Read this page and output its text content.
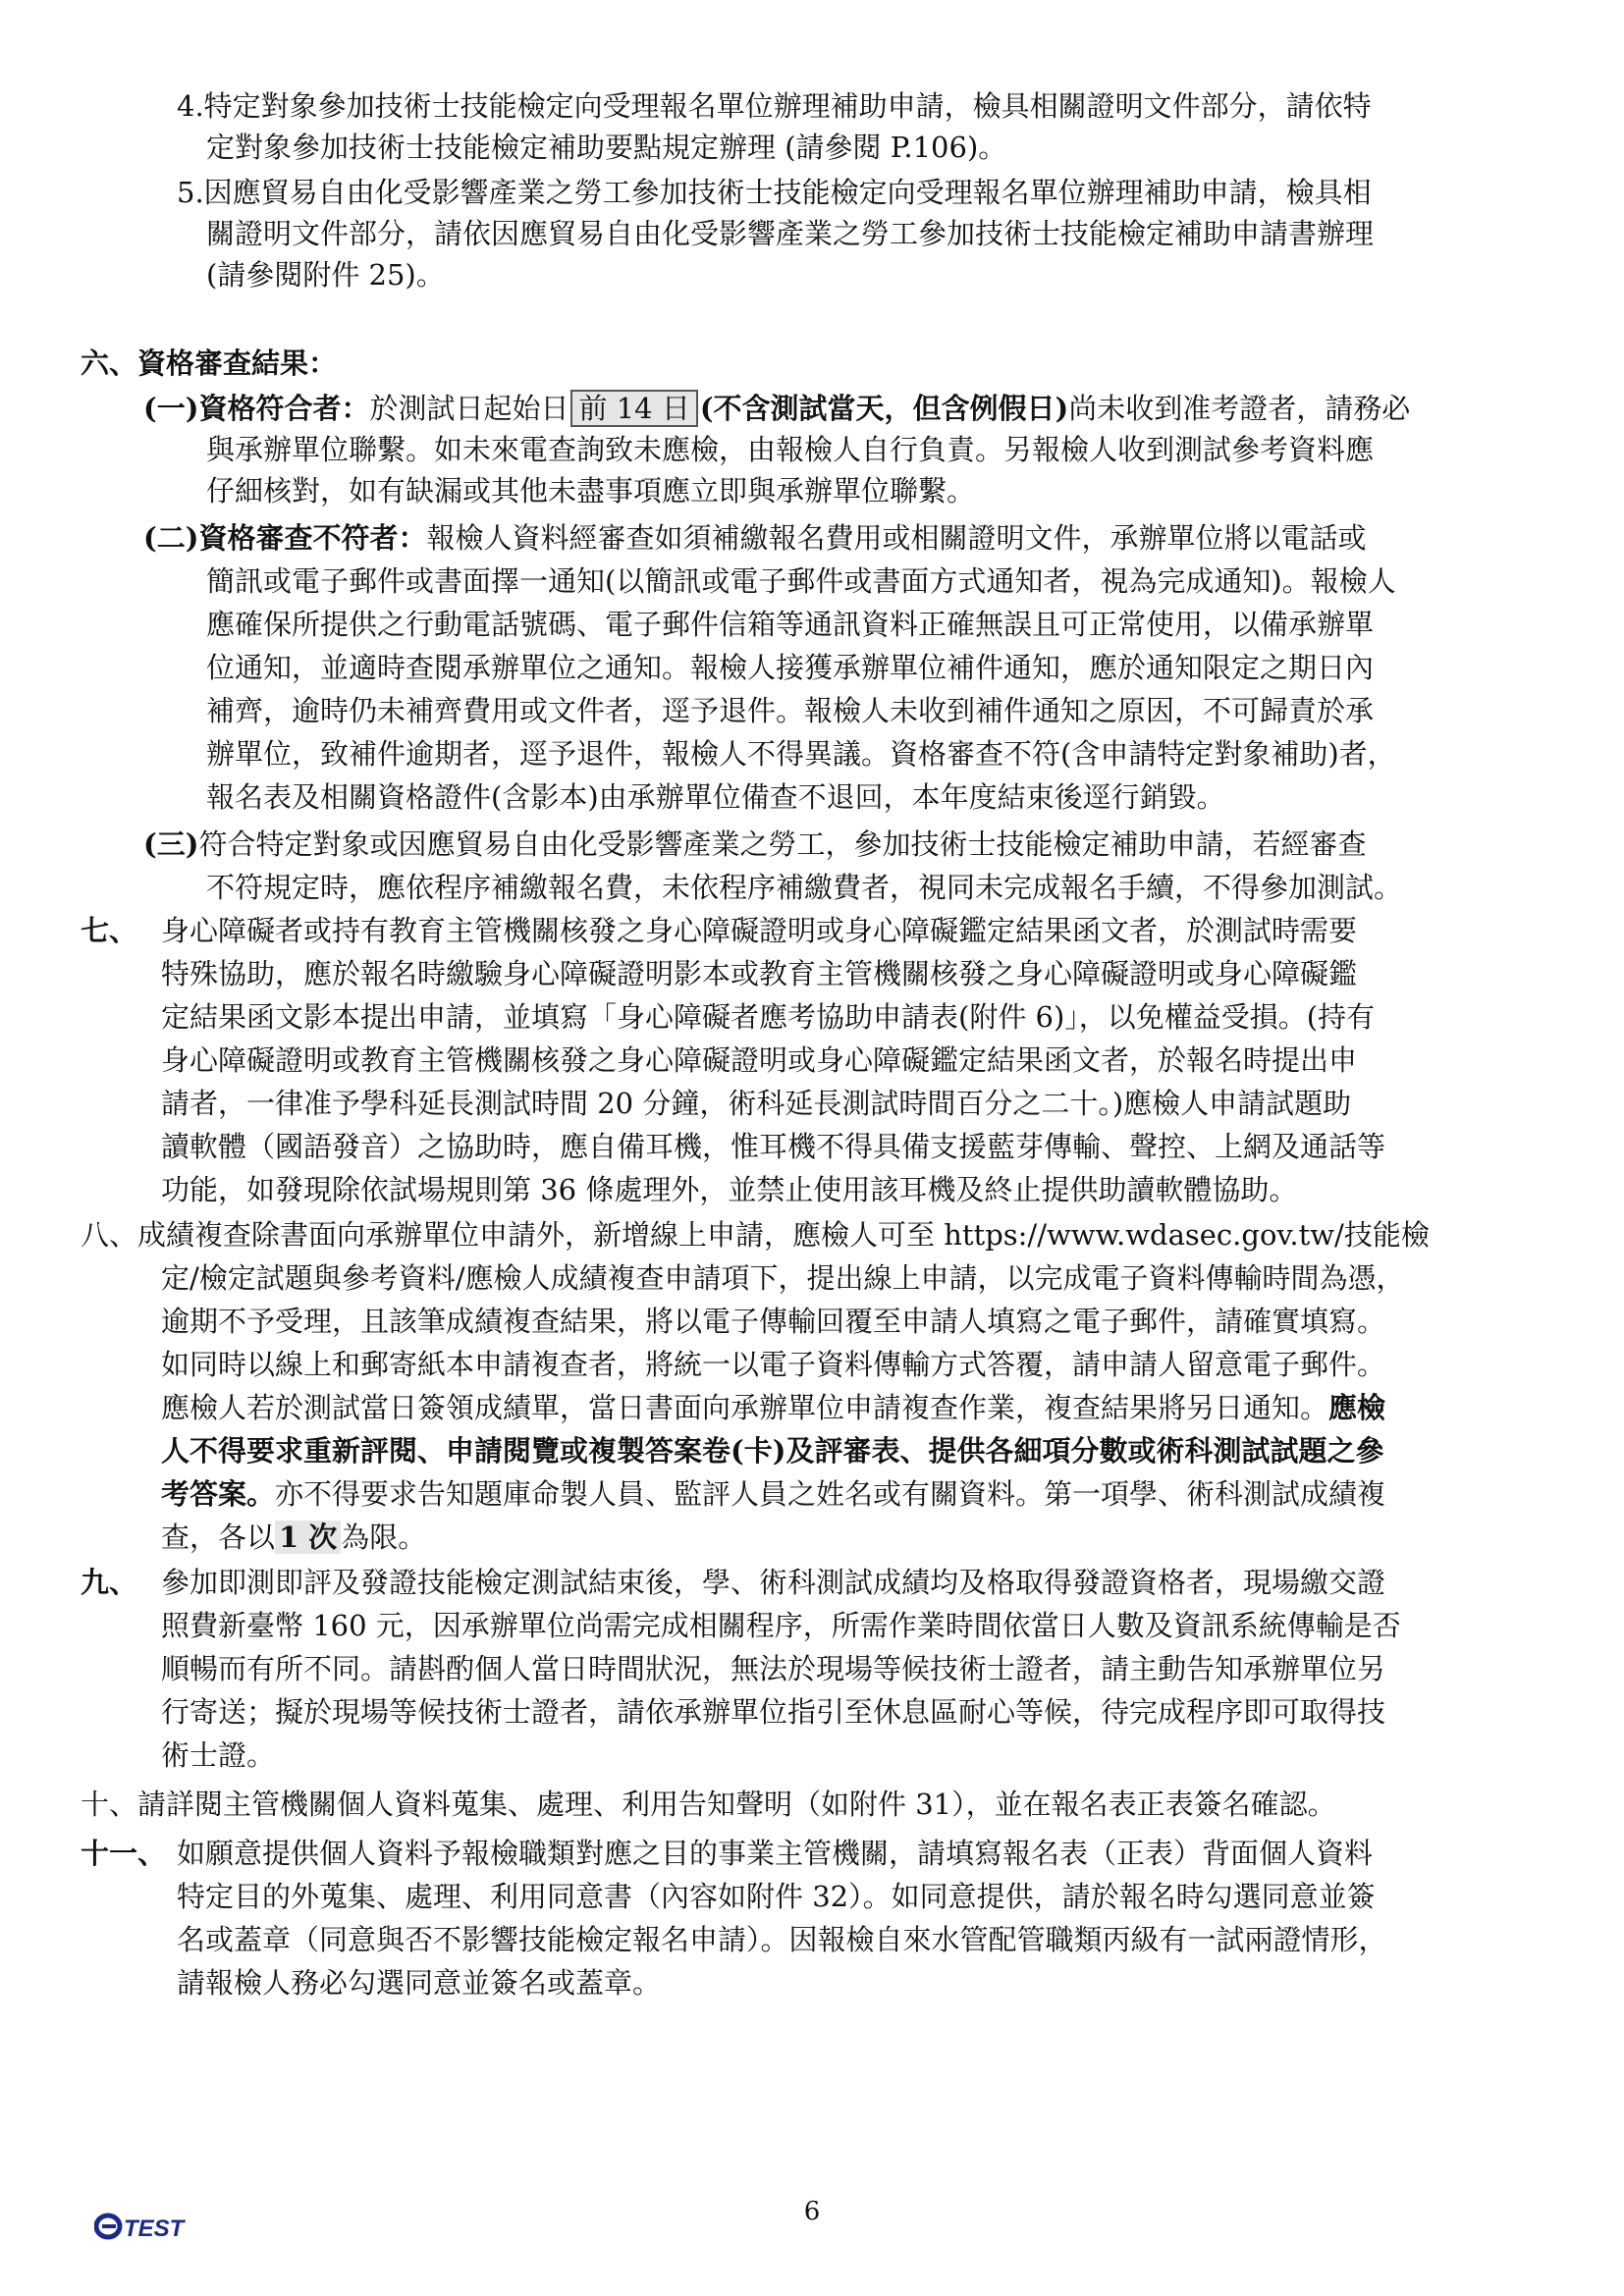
4.特定對象參加技術士技能檢定向受理報名單位辦理補助申請，檢具相關證明文件部分，請依特
定對象參加技術士技能檢定補助要點規定辦理 (請參閱 P.106)。
5.因應貿易自由化受影響產業之勞工參加技術士技能檢定向受理報名單位辦理補助申請，檢具相
關證明文件部分，請依因應貿易自由化受影響產業之勞工參加技術士技能檢定補助申請書辦理
(請參閱附件 25)。
六、資格審查結果：
(一)資格符合者：於測試日起始日 前 14 日 (不含測試當天，但含例假日)尚未收到准考證者，請務必
與承辦單位聯繫。如未來電查詢致未應檢，由報檢人自行負責。另報檢人收到測試參考資料應
仔細核對，如有缺漏或其他未盡事項應立即與承辦單位聯繫。
(二)資格審查不符者：報檢人資料經審查如須補繳報名費用或相關證明文件，承辦單位將以電話或
簡訊或電子郵件或書面擇一通知(以簡訊或電子郵件或書面方式通知者，視為完成通知)。報檢人
應確保所提供之行動電話號碼、電子郵件信箱等通訊資料正確無誤且可正常使用，以備承辦單
位通知，並適時查閱承辦單位之通知。報檢人接獲承辦單位補件通知，應於通知限定之期日內
補齊，逾時仍未補齊費用或文件者，逕予退件。報檢人未收到補件通知之原因，不可歸責於承
辦單位，致補件逾期者，逕予退件，報檢人不得異議。資格審查不符(含申請特定對象補助)者，
報名表及相關資格證件(含影本)由承辦單位備查不退回，本年度結束後逕行銷毀。
(三)符合特定對象或因應貿易自由化受影響產業之勞工，參加技術士技能檢定補助申請，若經審查
不符規定時，應依程序補繳報名費，未依程序補繳費者，視同未完成報名手續，不得參加測試。
七、 身心障礙者或持有教育主管機關核發之身心障礙證明或身心障礙鑑定結果函文者，於測試時需要
特殊協助，應於報名時繳驗身心障礙證明影本或教育主管機關核發之身心障礙證明或身心障礙鑑
定結果函文影本提出申請，並填寫「身心障礙者應考協助申請表(附件 6)」，以免權益受損。(持有
身心障礙證明或教育主管機關核發之身心障礙證明或身心障礙鑑定結果函文者，於報名時提出申
請者，一律准予學科延長測試時間 20 分鐘，術科延長測試時間百分之二十。)應檢人申請試題助
讀軟體（國語發音）之協助時，應自備耳機，惟耳機不得具備支援藍芽傳輸、聲控、上網及通話等
功能，如發現除依試場規則第 36 條處理外，並禁止使用該耳機及終止提供助讀軟體協助。
八、成績複查除書面向承辦單位申請外，新增線上申請，應檢人可至 https://www.wdasec.gov.tw/技能檢
定/檢定試題與參考資料/應檢人成績複查申請項下，提出線上申請，以完成電子資料傳輸時間為憑，
逾期不予受理，且該筆成績複查結果，將以電子傳輸回覆至申請人填寫之電子郵件，請確實填寫。
如同時以線上和郵寄紙本申請複查者，將統一以電子資料傳輸方式答覆，請申請人留意電子郵件。
應檢人若於測試當日簽領成績單，當日書面向承辦單位申請複查作業，複查結果將另日通知。應檢
人不得要求重新評閱、申請閱覽或複製答案卷(卡)及評審表、提供各細項分數或術科測試試題之參
考答案。亦不得要求告知題庫命製人員、監評人員之姓名或有關資料。第一項學、術科測試成績複
查，各以 1 次 為限。
九、 參加即測即評及發證技能檢定測試結束後，學、術科測試成績均及格取得發證資格者，現場繳交證
照費新臺幣 160 元，因承辦單位尚需完成相關程序，所需作業時間依當日人數及資訊系統傳輸是否
順暢而有所不同。請斟酌個人當日時間狀況，無法於現場等候技術士證者，請主動告知承辦單位另
行寄送；擬於現場等候技術士證者，請依承辦單位指引至休息區耐心等候，待完成程序即可取得技
術士證。
十、請詳閱主管機關個人資料蒐集、處理、利用告知聲明（如附件 31），並在報名表正表簽名確認。
十一、 如願意提供個人資料予報檢職類對應之目的事業主管機關，請填寫報名表（正表）背面個人資料
特定目的外蒐集、處理、利用同意書（內容如附件 32）。如同意提供，請於報名時勾選同意並簽
名或蓋章（同意與否不影響技能檢定報名申請）。因報檢自來水管配管職類丙級有一試兩證情形，
請報檢人務必勾選同意並簽名或蓋章。
TEST
6
